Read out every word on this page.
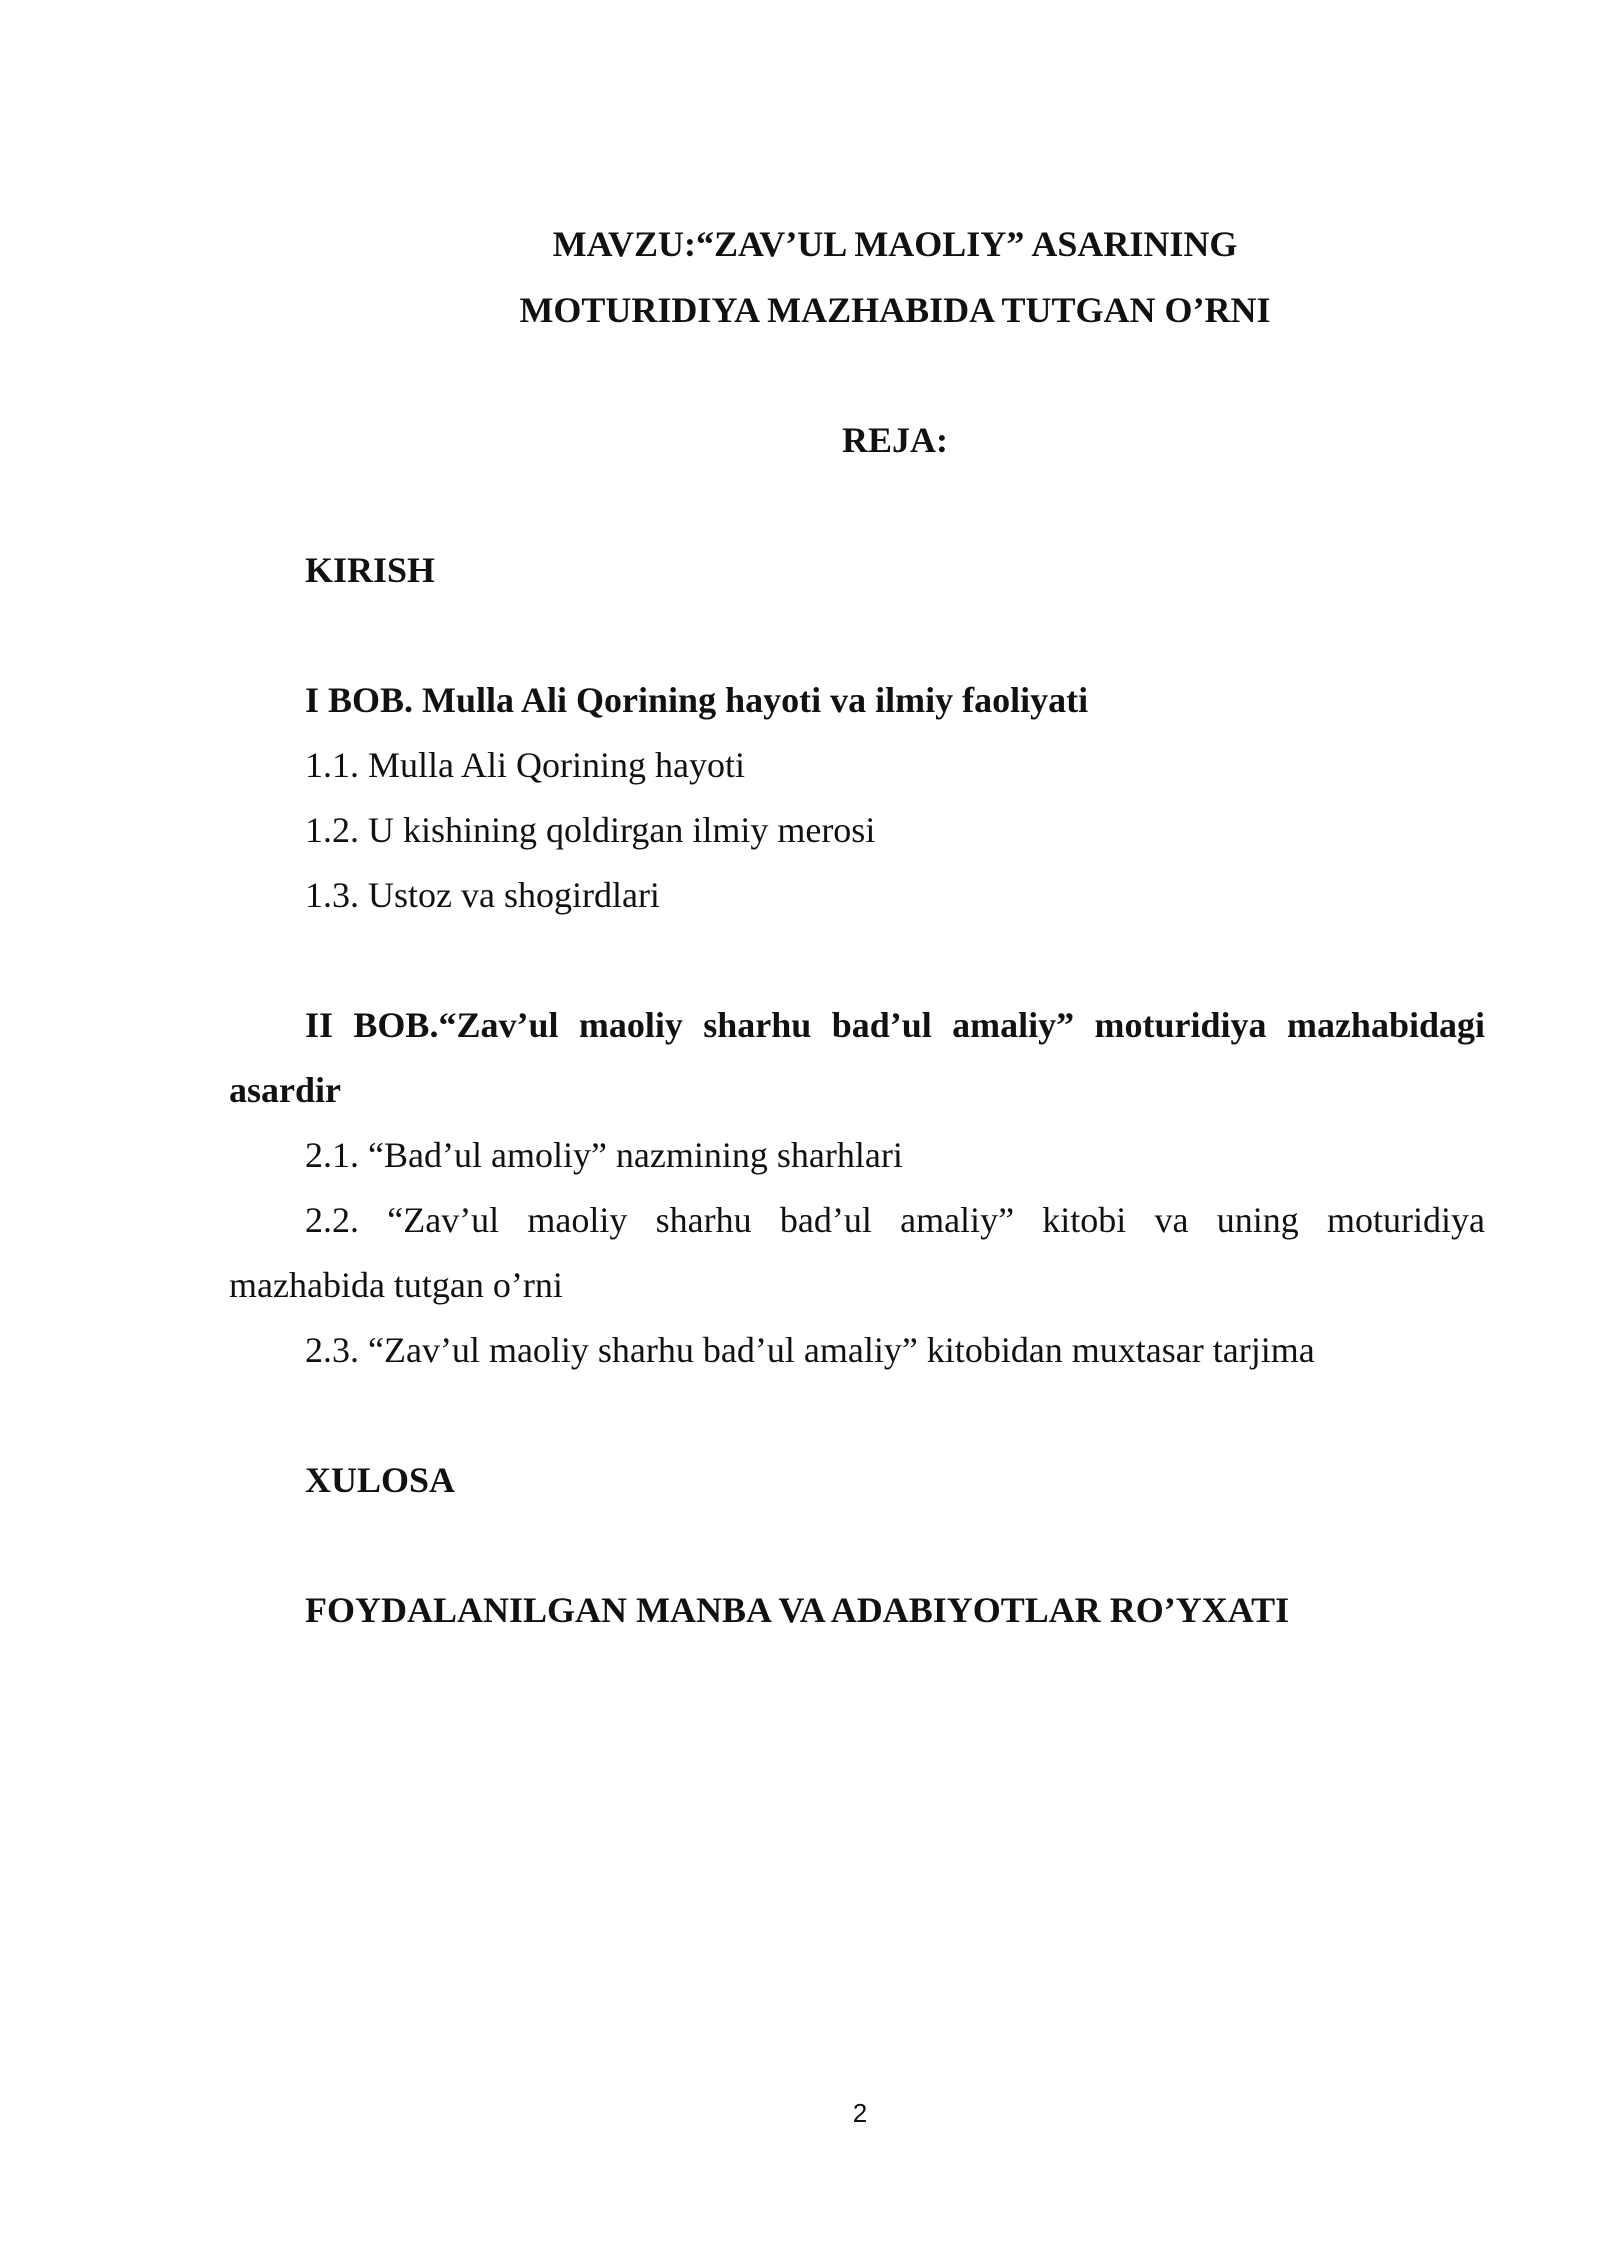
MAVZU:“ZAV’UL MAOLIY” ASARINING
MOTURIDIYA MAZHABIDA TUTGAN O’RNI
REJA:
KIRISH
I BOB. Mulla Ali Qorining hayoti va ilmiy faoliyati
1.1. Mulla Ali Qorining hayoti
1.2. U kishining qoldirgan ilmiy merosi
1.3. Ustoz va shogirdlari
II BOB.“Zav’ul maoliy sharhu bad’ul amaliy” moturidiya mazhabidagi
asardir
2.1. “Bad’ul amoliy” nazmining sharhlari
2.2. “Zav’ul maoliy sharhu bad’ul amaliy” kitobi va uning moturidiya
mazhabida tutgan o’rni
2.3. “Zav’ul maoliy sharhu bad’ul amaliy” kitobidan muxtasar tarjima
XULOSA
FOYDALANILGAN MANBA VA ADABIYOTLAR RO’YXATI
2
